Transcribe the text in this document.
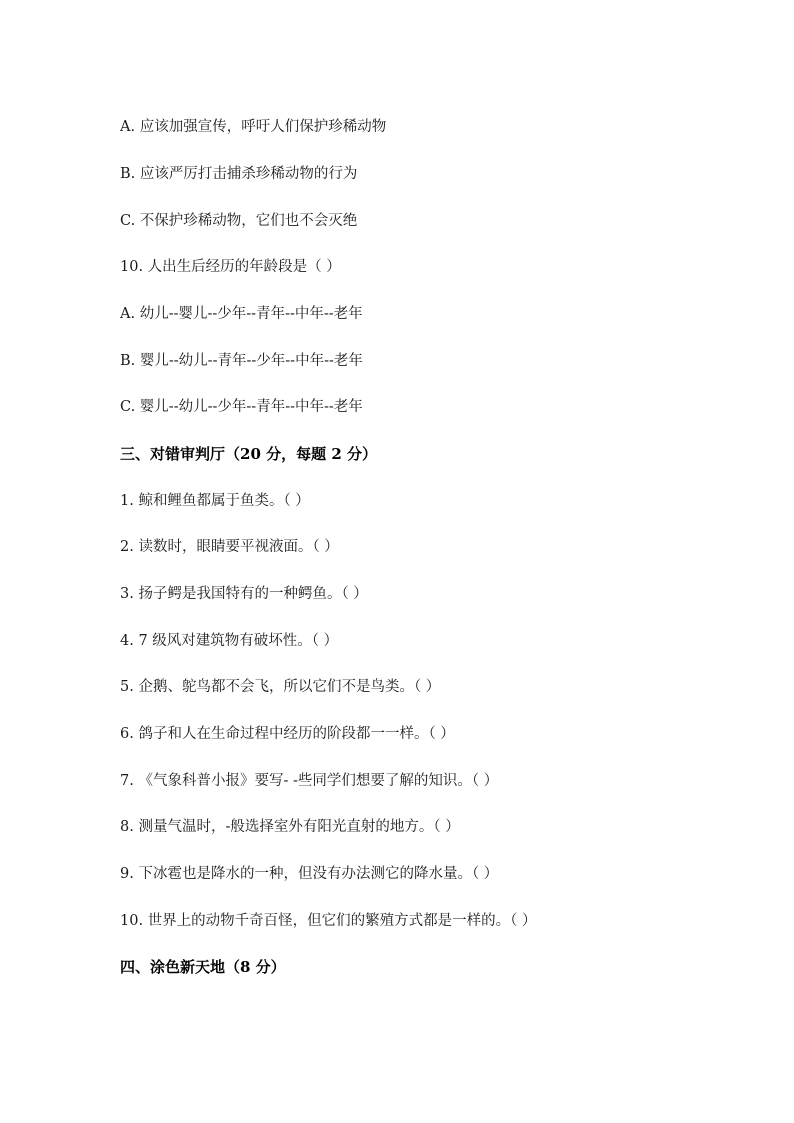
A. 应该加强宣传，呼吁人们保护珍稀动物
B. 应该严厉打击捕杀珍稀动物的行为
C. 不保护珍稀动物，它们也不会灭绝
10. 人出生后经历的年龄段是（ ）
A. 幼儿--婴儿--少年--青年--中年--老年
B. 婴儿--幼儿--青年--少年--中年--老年
C. 婴儿--幼儿--少年--青年--中年--老年
三、对错审判厅（20 分，每题 2 分）
1. 鲸和鲤鱼都属于鱼类。（ ）
2. 读数时，眼睛要平视液面。（ ）
3. 扬子鳄是我国特有的一种鳄鱼。（ ）
4. 7 级风对建筑物有破坏性。（ ）
5. 企鹅、鸵鸟都不会飞，所以它们不是鸟类。（ ）
6. 鸽子和人在生命过程中经历的阶段都一一样。（ ）
7. 《气象科普小报》要写- -些同学们想要了解的知识。（ ）
8. 测量气温时，-般选择室外有阳光直射的地方。（ ）
9. 下冰雹也是降水的一种，但没有办法测它的降水量。（ ）
10. 世界上的动物千奇百怪，但它们的繁殖方式都是一样的。（ ）
四、涂色新天地（8 分）
